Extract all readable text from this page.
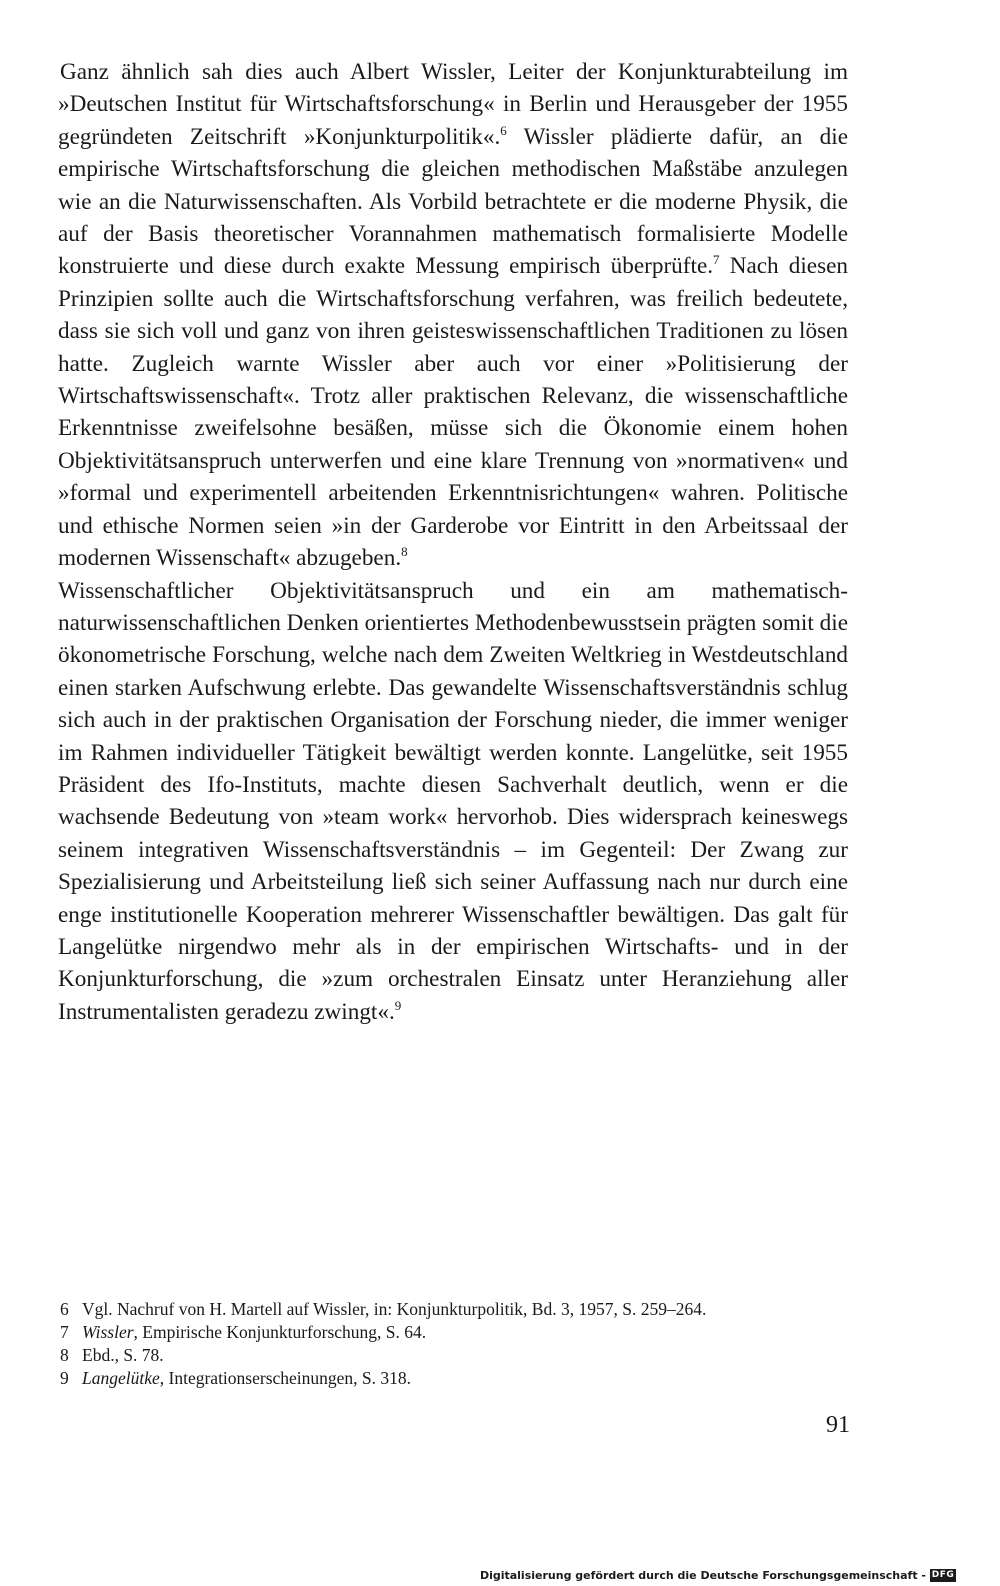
Ganz ähnlich sah dies auch Albert Wissler, Leiter der Konjunkturabteilung im »Deutschen Institut für Wirtschaftsforschung« in Berlin und Herausgeber der 1955 gegründeten Zeitschrift »Konjunkturpolitik«.$^6$ Wissler plädierte dafür, an die empirische Wirtschaftsforschung die gleichen methodischen Maßstäbe anzulegen wie an die Naturwissenschaften. Als Vorbild betrachtete er die moderne Physik, die auf der Basis theoretischer Vorannahmen mathematisch formalisierte Modelle konstruierte und diese durch exakte Messung empirisch überprüfte.$^7$ Nach diesen Prinzipien sollte auch die Wirtschaftsforschung verfahren, was freilich bedeutete, dass sie sich voll und ganz von ihren geisteswissenschaftlichen Traditionen zu lösen hatte. Zugleich warnte Wissler aber auch vor einer »Politisierung der Wirtschaftswissenschaft«. Trotz aller praktischen Relevanz, die wissenschaftliche Erkenntnisse zweifelsohne besäßen, müsse sich die Ökonomie einem hohen Objektivitätsanspruch unterwerfen und eine klare Trennung von »normativen« und »formal und experimentell arbeitenden Erkenntnisrichtungen« wahren. Politische und ethische Normen seien »in der Garderobe vor Eintritt in den Arbeitssaal der modernen Wissenschaft« abzugeben.$^8$

Wissenschaftlicher Objektivitätsanspruch und ein am mathematisch-naturwissenschaftlichen Denken orientiertes Methodenbewusstsein prägten somit die ökonometrische Forschung, welche nach dem Zweiten Weltkrieg in Westdeutschland einen starken Aufschwung erlebte. Das gewandelte Wissenschaftsverständnis schlug sich auch in der praktischen Organisation der Forschung nieder, die immer weniger im Rahmen individueller Tätigkeit bewältigt werden konnte. Langelütke, seit 1955 Präsident des Ifo-Instituts, machte diesen Sachverhalt deutlich, wenn er die wachsende Bedeutung von »team work« hervorhob. Dies widersprach keineswegs seinem integrativen Wissenschaftsverständnis – im Gegenteil: Der Zwang zur Spezialisierung und Arbeitsteilung ließ sich seiner Auffassung nach nur durch eine enge institutionelle Kooperation mehrerer Wissenschaftler bewältigen. Das galt für Langelütke nirgendwo mehr als in der empirischen Wirtschafts- und in der Konjunkturforschung, die »zum orchestralen Einsatz unter Heranziehung aller Instrumentalisten geradezu zwingt«.$^9$

6 Vgl. Nachruf von H. Martell auf Wissler, in: Konjunkturpolitik, Bd. 3, 1957, S. 259–264.
7 Wissler, Empirische Konjunkturforschung, S. 64.
8 Ebd., S. 78.
9 Langelütke, Integrationserscheinungen, S. 318.
91
Digitalisierung gefördert durch die Deutsche Forschungsgemeinschaft - DFG
